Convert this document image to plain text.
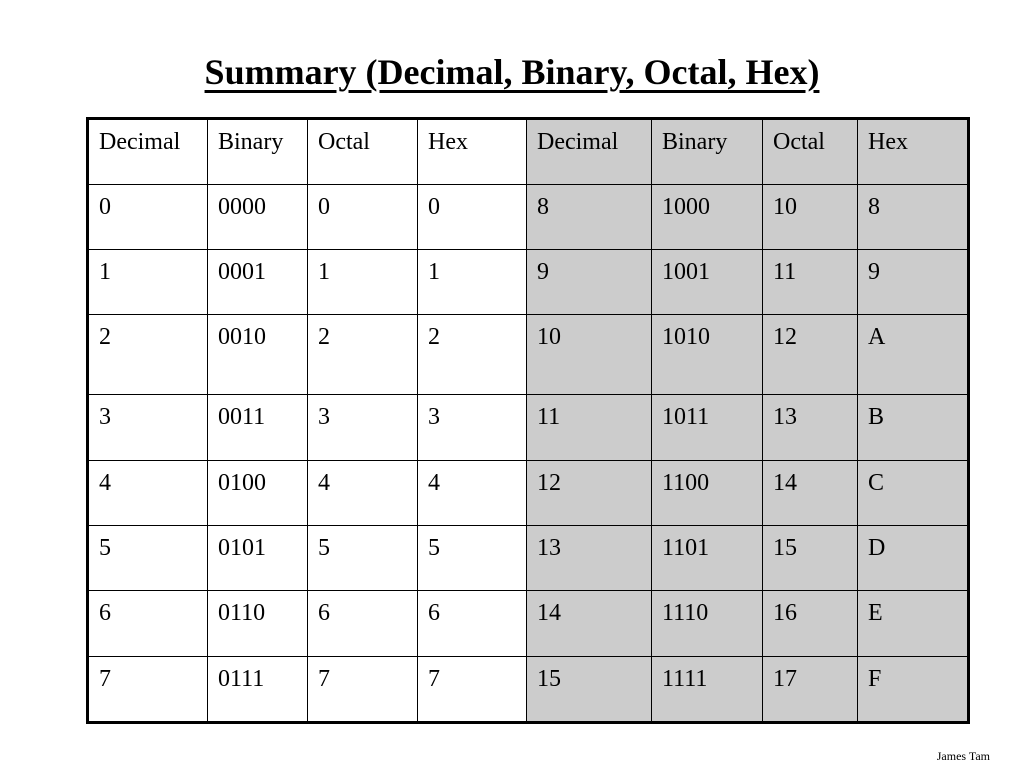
Summary (Decimal, Binary, Octal, Hex)
Decimal	Binary	Octal	Hex	Decimal	Binary	Octal	Hex
0	0000	0	0	8	1000	10	8
1	0001	1	1	9	1001	11	9
2	0010	2	2	10	1010	12	A
3	0011	3	3	11	1011	13	B
4	0100	4	4	12	1100	14	C
5	0101	5	5	13	1101	15	D
6	0110	6	6	14	1110	16	E
7	0111	7	7	15	1111	17	F
James Tam
